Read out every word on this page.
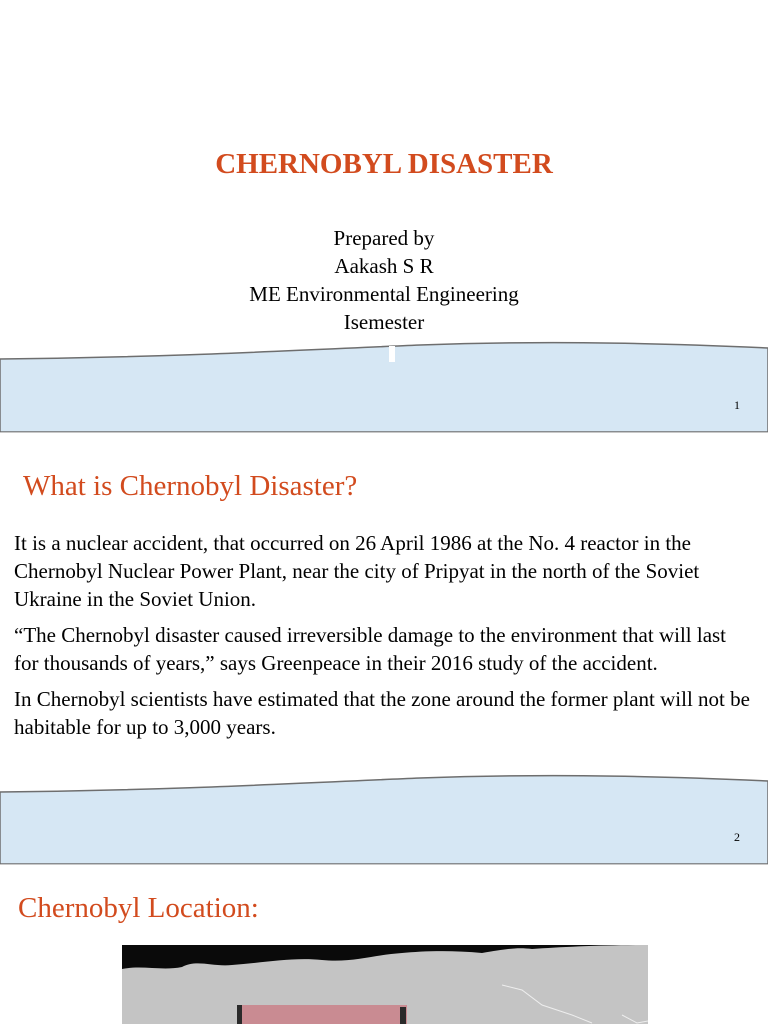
CHERNOBYL DISASTER
Prepared by
Aakash S R
ME Environmental Engineering
Isemester
1
What is Chernobyl Disaster?

It is a nuclear accident, that occurred on 26 April 1986 at the No. 4 reactor in the Chernobyl Nuclear Power Plant, near the city of Pripyat in the north of the Soviet Ukraine in the Soviet Union.

“The Chernobyl disaster caused irreversible damage to the environment that will last for thousands of years,” says Greenpeace in their 2016 study of the accident.

In Chernobyl scientists have estimated that the zone around the former plant will not be habitable for up to 3,000 years.

2
Chernobyl Location:
